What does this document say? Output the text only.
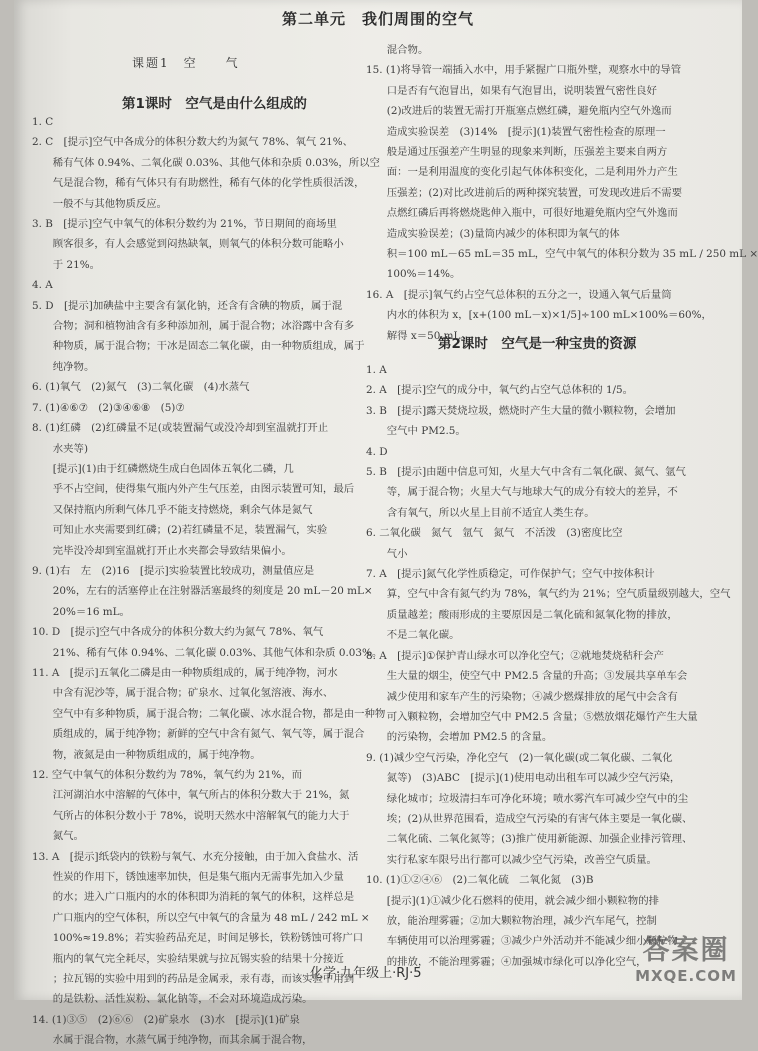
第二单元　我们周围的空气
课题1　空　　气
第1课时　空气是由什么组成的
第2课时　空气是一种宝贵的资源

1. C

2. C　[提示]空气中各成分的体积分数大约为氮气 78%、氧气 21%、

　　稀有气体 0.94%、二氧化碳 0.03%、其他气体和杂质 0.03%，所以空

　　气是混合物，稀有气体只有有助燃性，稀有气体的化学性质很活泼，

　　一般不与其他物质反应。

3. B　[提示]空气中氧气的体积分数约为 21%，节日期间的商场里

　　顾客很多，有人会感觉到闷热缺氧，则氧气的体积分数可能略小

　　于 21%。

4. A

5. D　[提示]加碘盐中主要含有氯化钠，还含有含碘的物质，属于混

　　合物；洞和植物油含有多种添加剂，属于混合物；冰浴露中含有多

　　种物质，属于混合物；干冰是固态二氧化碳，由一种物质组成，属于

　　纯净物。

6. (1)氧气　(2)氮气　(3)二氧化碳　(4)水蒸气

7. (1)④⑥⑦　(2)③④⑥⑧　(5)⑦

8. (1)红磷　(2)红磷量不足(或装置漏气或没冷却到室温就打开止

　　水夹等)

　　[提示](1)由于红磷燃烧生成白色固体五氧化二磷，几

　　乎不占空间，使得集气瓶内外产生气压差，由图示装置可知，最后

　　又保持瓶内所剩气体几乎不能支持燃烧，剩余气体是氮气

　　可知止水夹需要到红磷；(2)若红磷量不足，装置漏气，实验

　　完毕没冷却到室温就打开止水夹都会导致结果偏小。

9. (1)右　左　(2)16　[提示]实验装置比较成功，测量值应是

　　20%，左右的活塞停止在注射器活塞最终的刻度是 20 mL－20 mL×

　　20%＝16 mL。

10. D　[提示]空气中各成分的体积分数大约为氮气 78%、氧气

　　21%、稀有气体 0.94%、二氧化碳 0.03%、其他气体和杂质 0.03%。

11. A　[提示]五氧化二磷是由一种物质组成的，属于纯净物，河水

　　中含有泥沙等，属于混合物；矿泉水、过氧化氢溶液、海水、

　　空气中有多种物质，属于混合物；二氧化碳、冰水混合物，都是由一种物

　　质组成的，属于纯净物；新鲜的空气中含有氮气、氧气等，属于混合

　　物，液氮是由一种物质组成的，属于纯净物。

12. 空气中氧气的体积分数约为 78%，氧气约为 21%，而

　　江河湖泊水中溶解的气体中，氧气所占的体积分数大于 21%，氮

　　气所占的体积分数小于 78%，说明天然水中溶解氧气的能力大于

　　氮气。

13. A　[提示]纸袋内的铁粉与氧气、水充分接触，由于加入食盐水、活

　　性炭的作用下，锈蚀速率加快，但是集气瓶内无需事先加入少量

　　的水；进入广口瓶内的水的体积即为消耗的氧气的体积，这样总是

　　广口瓶内的空气体积，所以空气中氧气的含量为 48 mL / 242 mL ×

　　100%≈19.8%；若实验药品充足，时间足够长，铁粉锈蚀可将广口

　　瓶内的氧气完全耗尽，实验结果就与拉瓦锡实验的结果十分接近

　　；拉瓦锡的实验中用到的药品是金属汞，汞有毒，而该实验中用到

　　的是铁粉、活性炭粉、氯化钠等，不会对环境造成污染。

14. (1)③⑤　(2)⑥⑥　(2)矿泉水　(3)水　[提示](1)矿泉

　　水属于混合物，水蒸气属于纯净物，而其余属于混合物，

　　混合物。

15. (1)将导管一端插入水中，用手紧握广口瓶外壁，观察水中的导管

　　口是否有气泡冒出，如果有气泡冒出，说明装置气密性良好

　　(2)改进后的装置无需打开瓶塞点燃红磷，避免瓶内空气外逸而

　　造成实验误差　(3)14%　[提示](1)装置气密性检查的原理一

　　般是通过压强差产生明显的现象来判断，压强差主要来自两方

　　面：一是利用温度的变化引起气体体积变化，二是利用外力产生

　　压强差；(2)对比改进前后的两种探究装置，可发现改进后不需要

　　点燃红磷后再将燃烧匙伸入瓶中，可很好地避免瓶内空气外逸而

　　造成实验误差；(3)量筒内减少的体积即为氧气的体

　　积＝100 mL－65 mL＝35 mL，空气中氧气的体积分数为 35 mL / 250 mL ×

　　100%＝14%。

16. A　[提示]氧气约占空气总体积的五分之一，设通入氧气后量筒

　　内水的体积为 x，[x+(100 mL－x)×1/5]÷100 mL×100%＝60%，

　　解得 x＝50 mL。

1. A

2. A　[提示]空气的成分中，氧气约占空气总体积的 1/5。

3. B　[提示]露天焚烧垃圾，燃烧时产生大量的微小颗粒物，会增加

　　空气中 PM2.5。

4. D

5. B　[提示]由题中信息可知，火星大气中含有二氧化碳、氮气、氩气

　　等，属于混合物；火星大气与地球大气的成分有较大的差异，不

　　含有氧气，所以火星上目前不适宜人类生存。

6. 二氧化碳　氮气　氩气　氮气　不活泼　(3)密度比空

　　气小

7. A　[提示]氮气化学性质稳定，可作保护气；空气中按体积计

　　算，空气中含有氮气约为 78%，氧气约为 21%；空气质量级别越大，空气

　　质量越差；酸雨形成的主要原因是二氧化硫和氮氧化物的排放，

　　不是二氧化碳。

8. A　[提示]①保护青山绿水可以净化空气；②就地焚烧秸秆会产

　　生大量的烟尘，使空气中 PM2.5 含量的升高；③发展共享单车会

　　减少使用和家车产生的污染物；④减少燃煤排放的尾气中会含有

　　可入颗粒物，会增加空气中 PM2.5 含量；⑤燃放烟花爆竹产生大量

　　的污染物，会增加 PM2.5 的含量。

9. (1)减少空气污染，净化空气　(2)一氧化碳(或二氧化碳、二氧化

　　氮等)　(3)ABC　[提示](1)使用电动出租车可以减少空气污染，

　　绿化城市；垃圾清扫车可净化环境；喷水雾汽车可减少空气中的尘

　　埃；(2)从世界范围看，造成空气污染的有害气体主要是一氧化碳、

　　二氧化硫、二氧化氮等；(3)推广使用新能源、加强企业排污管理、

　　实行私家车限号出行都可以减少空气污染，改善空气质量。

10. (1)①②④⑥　(2)二氧化硫　二氧化氮　(3)B

　　[提示](1)①减少化石燃料的使用，就会减少细小颗粒物的排

　　放，能治理雾霾；②加大颗粒物治理，减少汽车尾气，控制

　　车辆使用可以治理雾霾；③减少户外活动并不能减少细小颗粒物

　　的排放，不能治理雾霾；④加强城市绿化可以净化空气，

化学·九年级上·RJ·5
答案圈
MXQE.COM
